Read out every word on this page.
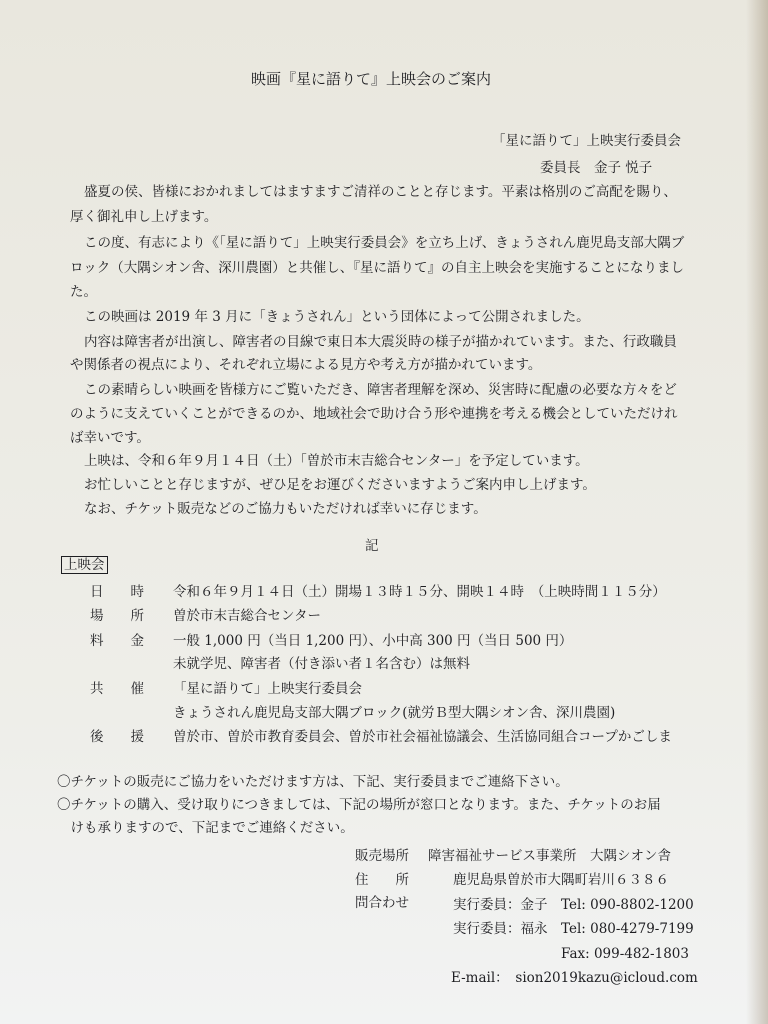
映画『星に語りて』上映会のご案内
「星に語りて」上映実行委員会
委員長　金子 悦子
盛夏の侯、皆様におかれましてはますますご清祥のことと存じます。平素は格別のご高配を賜り、
厚く御礼申し上げます。
この度、有志により《「星に語りて」上映実行委員会》を立ち上げ、きょうされん鹿児島支部大隅ブ
ロック（大隅シオン舎、深川農園）と共催し、『星に語りて』の自主上映会を実施することになりまし
た。
この映画は 2019 年 3 月に「きょうされん」という団体によって公開されました。
内容は障害者が出演し、障害者の目線で東日本大震災時の様子が描かれています。また、行政職員
や関係者の視点により、それぞれ立場による見方や考え方が描かれています。
この素晴らしい映画を皆様方にご覧いただき、障害者理解を深め、災害時に配慮の必要な方々をど
のように支えていくことができるのか、地域社会で助け合う形や連携を考える機会としていただけれ
ば幸いです。
上映は、令和６年９月１４日（土）「曽於市末吉総合センター」を予定しています。
お忙しいことと存じますが、ぜひ足をお運びくださいますようご案内申し上げます。
なお、チケット販売などのご協力もいただければ幸いに存じます。
記
上映会
日　　時 令和６年９月１４日（土）開場１３時１５分、開映１４時　（上映時間１１５分）
場　　所 曽於市末吉総合センター
料　　金 一般 1,000 円（当日 1,200 円）、小中高 300 円（当日 500 円）
未就学児、障害者（付き添い者１名含む）は無料
共　　催 「星に語りて」上映実行委員会
きょうされん鹿児島支部大隅ブロック(就労Ｂ型大隅シオン舎、深川農園)
後　　援 曽於市、曽於市教育委員会、曽於市社会福祉協議会、生活協同組合コープかごしま
〇チケットの販売にご協力をいただけます方は、下記、実行委員までご連絡下さい。
〇チケットの購入、受け取りにつきましては、下記の場所が窓口となります。また、チケットのお届
　けも承りますので、下記までご連絡ください。
販売場所 障害福祉サービス事業所　大隅シオン舎
住　　所	鹿児島県曽於市大隅町岩川６３８６
問合わせ	実行委員：金子　Tel: 090-8802-1200
実行委員：福永　Tel: 080-4279-7199
Fax: 099-482-1803
E-mail：　sion2019kazu@icloud.com
